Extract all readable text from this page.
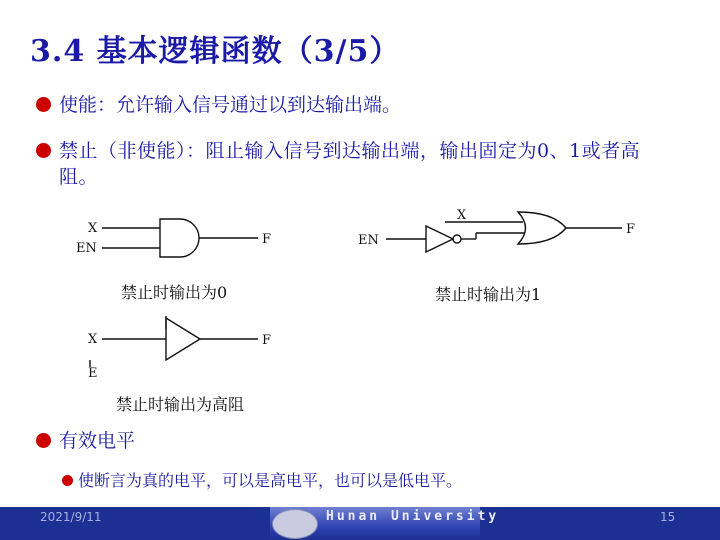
3.4 基本逻辑函数（3/5）
使能：允许输入信号通过以到达输出端。
禁止（非使能）：阻止输入信号到达输出端，输出固定为0、1或者高阻。
X
EN
F
X
EN
F
X	F
E
禁止时输出为0	禁止时输出为1
禁止时输出为高阻
有效电平
使断言为真的电平，可以是高电平，也可以是低电平。
2021/9/11	Hunan University	15
